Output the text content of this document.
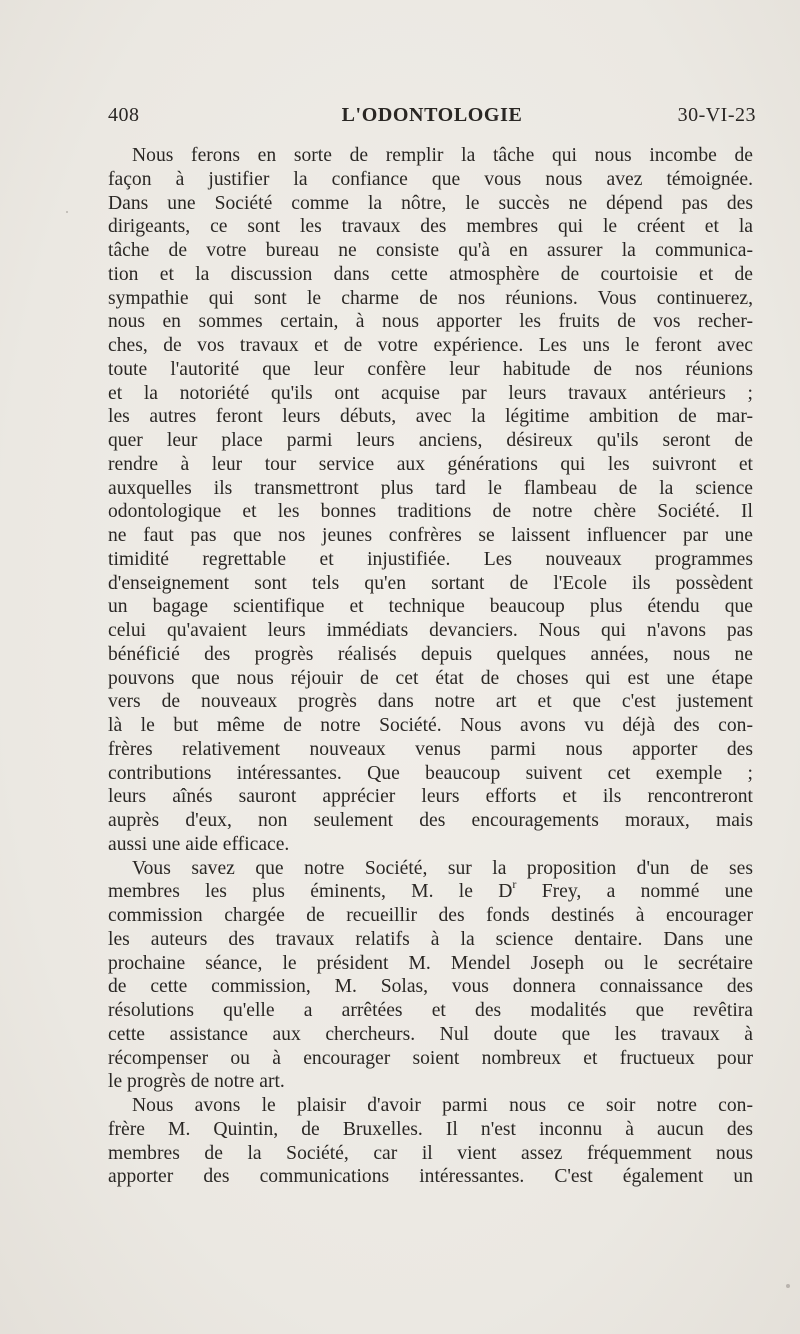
408	L'ODONTOLOGIE	30-VI-23
Nous ferons en sorte de remplir la tâche qui nous incombe de
façon à justifier la confiance que vous nous avez témoignée.
Dans une Société comme la nôtre, le succès ne dépend pas des
dirigeants, ce sont les travaux des membres qui le créent et la
tâche de votre bureau ne consiste qu'à en assurer la communica-
tion et la discussion dans cette atmosphère de courtoisie et de
sympathie qui sont le charme de nos réunions. Vous continuerez,
nous en sommes certain, à nous apporter les fruits de vos recher-
ches, de vos travaux et de votre expérience. Les uns le feront avec
toute l'autorité que leur confère leur habitude de nos réunions
et la notoriété qu'ils ont acquise par leurs travaux antérieurs ;
les autres feront leurs débuts, avec la légitime ambition de mar-
quer leur place parmi leurs anciens, désireux qu'ils seront de
rendre à leur tour service aux générations qui les suivront et
auxquelles ils transmettront plus tard le flambeau de la science
odontologique et les bonnes traditions de notre chère Société. Il
ne faut pas que nos jeunes confrères se laissent influencer par une
timidité regrettable et injustifiée. Les nouveaux programmes
d'enseignement sont tels qu'en sortant de l'Ecole ils possèdent
un bagage scientifique et technique beaucoup plus étendu que
celui qu'avaient leurs immédiats devanciers. Nous qui n'avons pas
bénéficié des progrès réalisés depuis quelques années, nous ne
pouvons que nous réjouir de cet état de choses qui est une étape
vers de nouveaux progrès dans notre art et que c'est justement
là le but même de notre Société. Nous avons vu déjà des con-
frères relativement nouveaux venus parmi nous apporter des
contributions intéressantes. Que beaucoup suivent cet exemple ;
leurs aînés sauront apprécier leurs efforts et ils rencontreront
auprès d'eux, non seulement des encouragements moraux, mais
aussi une aide efficace.
Vous savez que notre Société, sur la proposition d'un de ses
membres les plus éminents, M. le $D^r$ Frey, a nommé une
commission chargée de recueillir des fonds destinés à encourager
les auteurs des travaux relatifs à la science dentaire. Dans une
prochaine séance, le président M. Mendel Joseph ou le secrétaire
de cette commission, M. Solas, vous donnera connaissance des
résolutions qu'elle a arrêtées et des modalités que revêtira
cette assistance aux chercheurs. Nul doute que les travaux à
récompenser ou à encourager soient nombreux et fructueux pour
le progrès de notre art.
Nous avons le plaisir d'avoir parmi nous ce soir notre con-
frère M. Quintin, de Bruxelles. Il n'est inconnu à aucun des
membres de la Société, car il vient assez fréquemment nous
apporter des communications intéressantes. C'est également un
